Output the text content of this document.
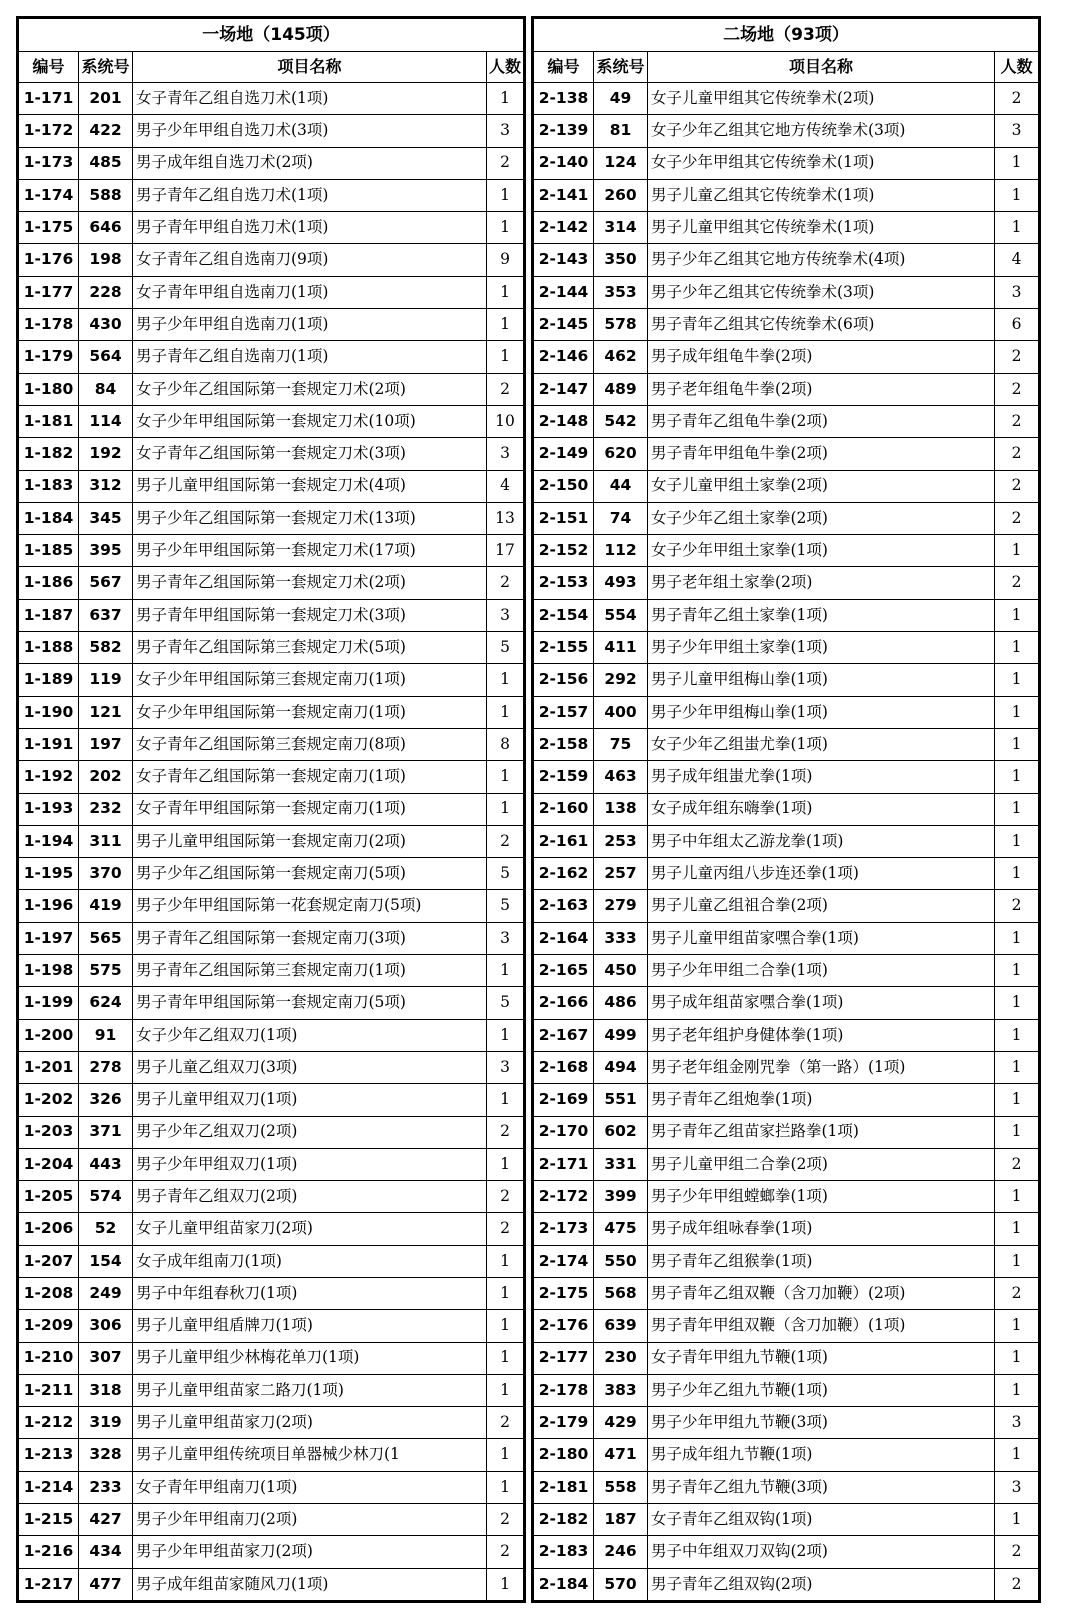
一场地（145项）			
编号	系统号	项目名称	人数
1-171	201	女子青年乙组自选刀术(1项)	1
1-172	422	男子少年甲组自选刀术(3项)	3
1-173	485	男子成年组自选刀术(2项)	2
1-174	588	男子青年乙组自选刀术(1项)	1
1-175	646	男子青年甲组自选刀术(1项)	1
1-176	198	女子青年乙组自选南刀(9项)	9
1-177	228	女子青年甲组自选南刀(1项)	1
1-178	430	男子少年甲组自选南刀(1项)	1
1-179	564	男子青年乙组自选南刀(1项)	1
1-180	84	女子少年乙组国际第一套规定刀术(2项)	2
1-181	114	女子少年甲组国际第一套规定刀术(10项)	10
1-182	192	女子青年乙组国际第一套规定刀术(3项)	3
1-183	312	男子儿童甲组国际第一套规定刀术(4项)	4
1-184	345	男子少年乙组国际第一套规定刀术(13项)	13
1-185	395	男子少年甲组国际第一套规定刀术(17项)	17
1-186	567	男子青年乙组国际第一套规定刀术(2项)	2
1-187	637	男子青年甲组国际第一套规定刀术(3项)	3
1-188	582	男子青年乙组国际第三套规定刀术(5项)	5
1-189	119	女子少年甲组国际第三套规定南刀(1项)	1
1-190	121	女子少年甲组国际第一套规定南刀(1项)	1
1-191	197	女子青年乙组国际第三套规定南刀(8项)	8
1-192	202	女子青年乙组国际第一套规定南刀(1项)	1
1-193	232	女子青年甲组国际第一套规定南刀(1项)	1
1-194	311	男子儿童甲组国际第一套规定南刀(2项)	2
1-195	370	男子少年乙组国际第一套规定南刀(5项)	5
1-196	419	男子少年甲组国际第一花套规定南刀(5项)	5
1-197	565	男子青年乙组国际第一套规定南刀(3项)	3
1-198	575	男子青年乙组国际第三套规定南刀(1项)	1
1-199	624	男子青年甲组国际第一套规定南刀(5项)	5
1-200	91	女子少年乙组双刀(1项)	1
1-201	278	男子儿童乙组双刀(3项)	3
1-202	326	男子儿童甲组双刀(1项)	1
1-203	371	男子少年乙组双刀(2项)	2
1-204	443	男子少年甲组双刀(1项)	1
1-205	574	男子青年乙组双刀(2项)	2
1-206	52	女子儿童甲组苗家刀(2项)	2
1-207	154	女子成年组南刀(1项)	1
1-208	249	男子中年组春秋刀(1项)	1
1-209	306	男子儿童甲组盾牌刀(1项)	1
1-210	307	男子儿童甲组少林梅花单刀(1项)	1
1-211	318	男子儿童甲组苗家二路刀(1项)	1
1-212	319	男子儿童甲组苗家刀(2项)	2
1-213	328	男子儿童甲组传统项目单器械少林刀(1	1
1-214	233	女子青年甲组南刀(1项)	1
1-215	427	男子少年甲组南刀(2项)	2
1-216	434	男子少年甲组苗家刀(2项)	2
1-217	477	男子成年组苗家随风刀(1项)	1
二场地（93项）			
编号	系统号	项目名称	人数
2-138	49	女子儿童甲组其它传统拳术(2项)	2
2-139	81	女子少年乙组其它地方传统拳术(3项)	3
2-140	124	女子少年甲组其它传统拳术(1项)	1
2-141	260	男子儿童乙组其它传统拳术(1项)	1
2-142	314	男子儿童甲组其它传统拳术(1项)	1
2-143	350	男子少年乙组其它地方传统拳术(4项)	4
2-144	353	男子少年乙组其它传统拳术(3项)	3
2-145	578	男子青年乙组其它传统拳术(6项)	6
2-146	462	男子成年组龟牛拳(2项)	2
2-147	489	男子老年组龟牛拳(2项)	2
2-148	542	男子青年乙组龟牛拳(2项)	2
2-149	620	男子青年甲组龟牛拳(2项)	2
2-150	44	女子儿童甲组土家拳(2项)	2
2-151	74	女子少年乙组土家拳(2项)	2
2-152	112	女子少年甲组土家拳(1项)	1
2-153	493	男子老年组土家拳(2项)	2
2-154	554	男子青年乙组土家拳(1项)	1
2-155	411	男子少年甲组土家拳(1项)	1
2-156	292	男子儿童甲组梅山拳(1项)	1
2-157	400	男子少年甲组梅山拳(1项)	1
2-158	75	女子少年乙组蚩尤拳(1项)	1
2-159	463	男子成年组蚩尤拳(1项)	1
2-160	138	女子成年组东嗨拳(1项)	1
2-161	253	男子中年组太乙游龙拳(1项)	1
2-162	257	男子儿童丙组八步连还拳(1项)	1
2-163	279	男子儿童乙组祖合拳(2项)	2
2-164	333	男子儿童甲组苗家嘿合拳(1项)	1
2-165	450	男子少年甲组二合拳(1项)	1
2-166	486	男子成年组苗家嘿合拳(1项)	1
2-167	499	男子老年组护身健体拳(1项)	1
2-168	494	男子老年组金刚咒拳（第一路）(1项)	1
2-169	551	男子青年乙组炮拳(1项)	1
2-170	602	男子青年乙组苗家拦路拳(1项)	1
2-171	331	男子儿童甲组二合拳(2项)	2
2-172	399	男子少年甲组螳螂拳(1项)	1
2-173	475	男子成年组咏春拳(1项)	1
2-174	550	男子青年乙组猴拳(1项)	1
2-175	568	男子青年乙组双鞭（含刀加鞭）(2项)	2
2-176	639	男子青年甲组双鞭（含刀加鞭）(1项)	1
2-177	230	女子青年甲组九节鞭(1项)	1
2-178	383	男子少年乙组九节鞭(1项)	1
2-179	429	男子少年甲组九节鞭(3项)	3
2-180	471	男子成年组九节鞭(1项)	1
2-181	558	男子青年乙组九节鞭(3项)	3
2-182	187	女子青年乙组双钩(1项)	1
2-183	246	男子中年组双刀双钩(2项)	2
2-184	570	男子青年乙组双钩(2项)	2
